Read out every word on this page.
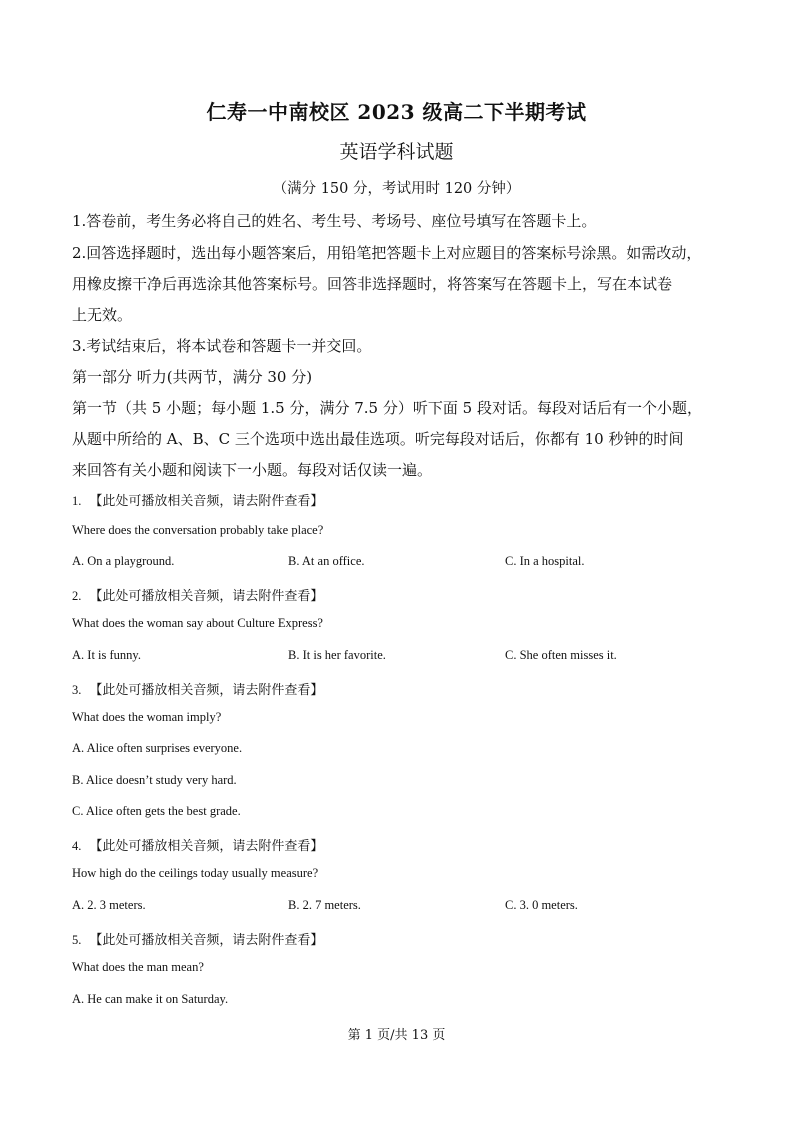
仁寿一中南校区 2023 级高二下半期考试
英语学科试题
（满分 150 分，考试用时 120 分钟）
1.答卷前，考生务必将自己的姓名、考生号、考场号、座位号填写在答题卡上。
2.回答选择题时，选出每小题答案后，用铅笔把答题卡上对应题目的答案标号涂黑。如需改动，
用橡皮擦干净后再选涂其他答案标号。回答非选择题时，将答案写在答题卡上，写在本试卷
上无效。
3.考试结束后，将本试卷和答题卡一并交回。
第一部分 听力(共两节，满分 30 分)
第一节（共 5 小题；每小题 1.5 分，满分 7.5 分）听下面 5 段对话。每段对话后有一个小题，
从题中所给的 A、B、C 三个选项中选出最佳选项。听完每段对话后，你都有 10 秒钟的时间
来回答有关小题和阅读下一小题。每段对话仅读一遍。
1. 【此处可播放相关音频，请去附件查看】
Where does the conversation probably take place?
A. On a playground.	B. At an office.	C. In a hospital.
2. 【此处可播放相关音频，请去附件查看】
What does the woman say about Culture Express?
A. It is funny.	B. It is her favorite.	C. She often misses it.
3. 【此处可播放相关音频，请去附件查看】
What does the woman imply?
A. Alice often surprises everyone.
B. Alice doesn’t study very hard.
C. Alice often gets the best grade.
4. 【此处可播放相关音频，请去附件查看】
How high do the ceilings today usually measure?
A. 2. 3 meters.	B. 2. 7 meters.	C. 3. 0 meters.
5. 【此处可播放相关音频，请去附件查看】
What does the man mean?
A. He can make it on Saturday.
第 1 页/共 13 页
